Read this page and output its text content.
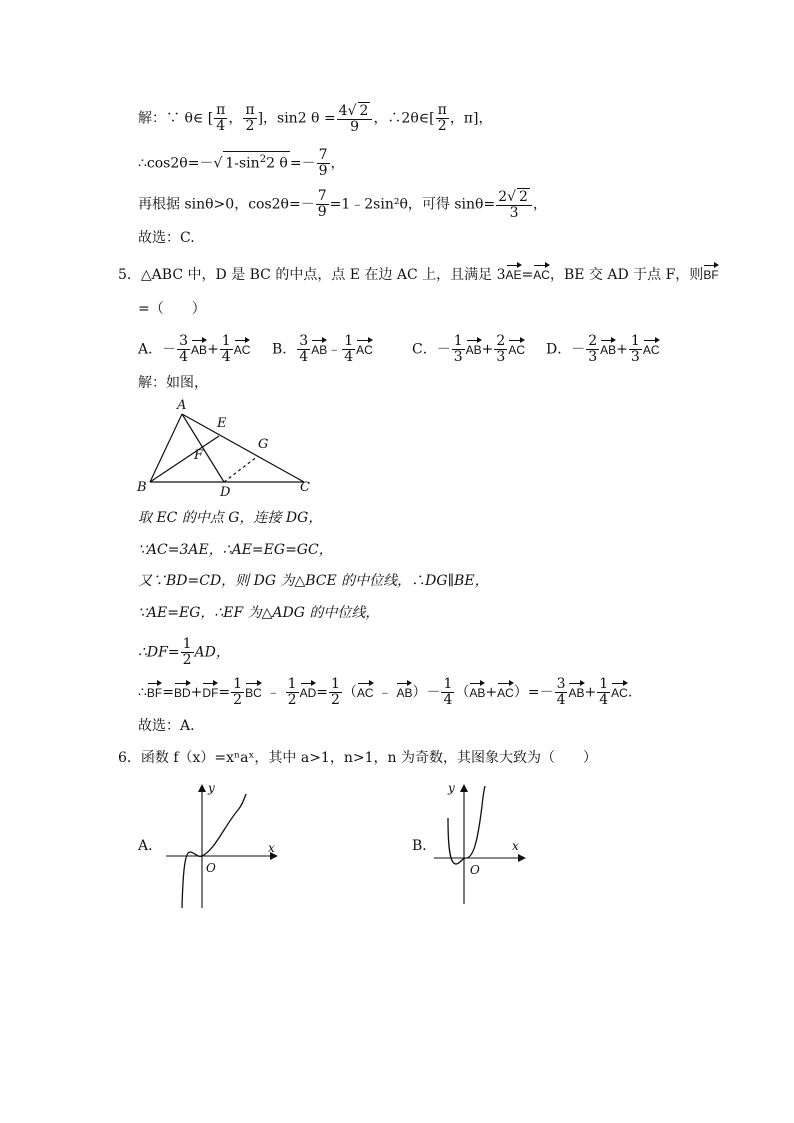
解：∵ θ∈ [ $\frac{\pi}{4}$ ， $\frac{\pi}{2}$ ]，sin2 $\theta = \frac{4√ 2}{9}$ ，∴2θ∈[ $\frac{\pi}{2}$ ，π]，
∴cos2θ=－√ $1-\sin^22$ $\theta =- \frac{7}{9}$ ，
再根据 sinθ>0，$\cos 2\theta=- \frac{7}{9}$ =1﹣2sin²θ，可得 $\sin\theta= \frac{2√ 2}{3}$ ，
故选：C.
5．△ABC 中，D 是 BC 的中点，点 E 在边 AC 上，且满足 3AE=AC，BE 交 AD 于点 F，则BF
=（　　）
A．－ $\frac{3}{4} AB+ \frac{1}{4}$ AC B． $\frac{3}{4}$ AB﹣ $\frac{1}{4}$ AC	C．－ $\frac{1}{3} AB+ \frac{2}{3}$ AC D．－ $\frac{2}{3} AB+ \frac{1}{3}$ AC
解：如图，
A
B	C
D
E
F
G
取 EC 的中点 G，连接 DG，
∵AC=3AE，∴AE=EG=GC，
又∵BD=CD，则 DG 为△BCE 的中位线，∴DG∥BE，
∵AE=EG，∴EF 为△ADG 的中位线，
∴DF= $\frac{1}{2}$ AD，
∴BF=BD+DF= $\frac{1}{2}$ BC ﹣ $\frac{1}{2} AD= \frac{1}{2} (AC$ ﹣ $AB)- \frac{1}{4} (AB+AC)=- \frac{3}{4} AB+ \frac{1}{4}$ AC.
故选：A.
6．函数 f（x）=xⁿaˣ，其中 a>1，n>1，n 为奇数，其图象大致为（　　）
A．	x
y
O
B．	x
y
O
